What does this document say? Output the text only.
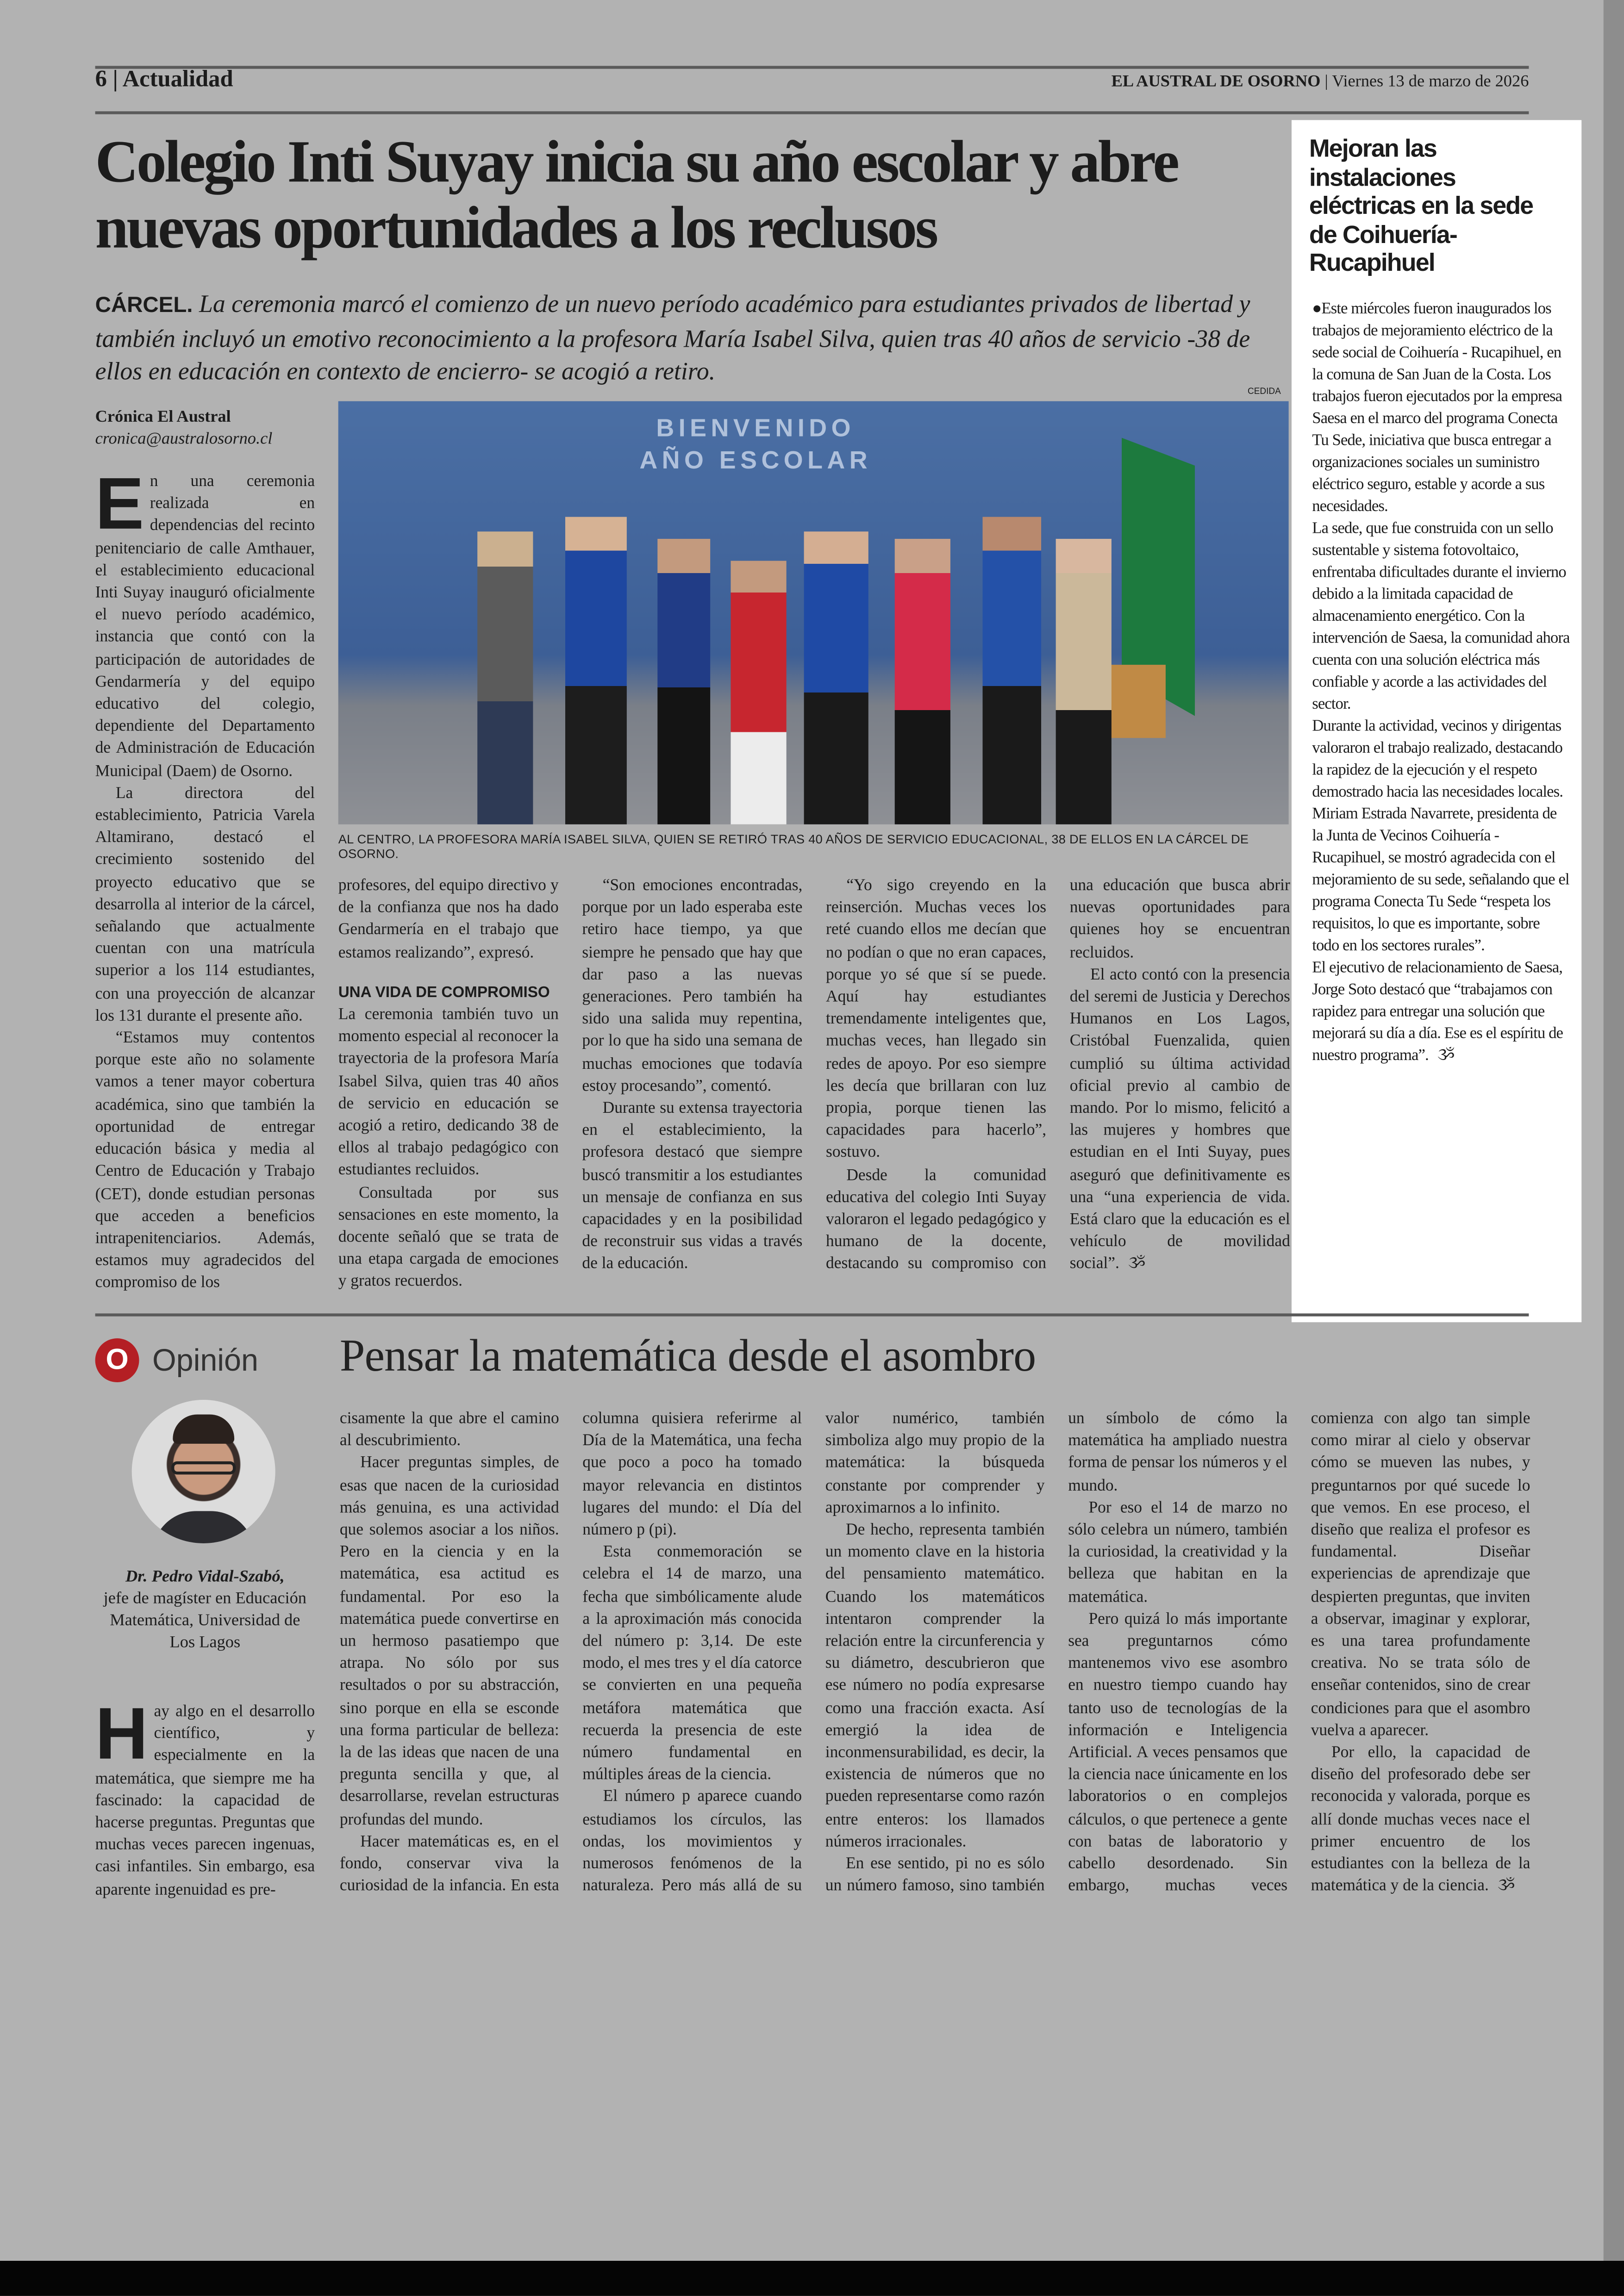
6 | Actualidad	EL AUSTRAL DE OSORNO | Viernes 13 de marzo de 2026
Colegio Inti Suyay inicia su año escolar y abre nuevas oportunidades a los reclusos
CÁRCEL. La ceremonia marcó el comienzo de un nuevo período académico para estudiantes privados de libertad y también incluyó un emotivo reconocimiento a la profesora María Isabel Silva, quien tras 40 años de servicio -38 de ellos en educación en contexto de encierro- se acogió a retiro.
Crónica El Austral
cronica@australosorno.cl
CEDIDA
BIENVENIDO AÑO ESCOLAR
AL CENTRO, LA PROFESORA MARÍA ISABEL SILVA, QUIEN SE RETIRÓ TRAS 40 AÑOS DE SERVICIO EDUCACIONAL, 38 DE ELLOS EN LA CÁRCEL DE OSORNO.

E n una ceremonia realizada en dependencias del recinto penitenciario de calle Amthauer, el establecimiento educacional Inti Suyay inauguró oficialmente el nuevo período académico, instancia que contó con la participación de autoridades de Gendarmería y del equipo educativo del colegio, dependiente del Departamento de Administración de Educación Municipal (Daem) de Osorno.

La directora del establecimiento, Patricia Varela Altamirano, destacó el crecimiento sostenido del proyecto educativo que se desarrolla al interior de la cárcel, señalando que actualmente cuentan con una matrícula superior a los 114 estudiantes, con una proyección de alcanzar los 131 durante el presente año.

“Estamos muy contentos porque este año no solamente vamos a tener mayor cobertura académica, sino que también la oportunidad de entregar educación básica y media al Centro de Educación y Trabajo (CET), donde estudian personas que acceden a beneficios intrapenitenciarios. Además, estamos muy agradecidos del compromiso de los

profesores, del equipo directivo y de la confianza que nos ha dado Gendarmería en el trabajo que estamos realizando”, expresó.

UNA VIDA DE COMPROMISO

La ceremonia también tuvo un momento especial al reconocer la trayectoria de la profesora María Isabel Silva, quien tras 40 años de servicio en educación se acogió a retiro, dedicando 38 de ellos al trabajo pedagógico con estudiantes recluidos.

Consultada por sus sensaciones en este momento, la docente señaló que se trata de una etapa cargada de emociones y gratos recuerdos.

“Son emociones encontradas, porque por un lado esperaba este retiro hace tiempo, ya que siempre he pensado que hay que dar paso a las nuevas generaciones. Pero también ha sido una salida muy repentina, por lo que ha sido una semana de muchas emociones que todavía estoy procesando”, comentó.

Durante su extensa trayectoria en el establecimiento, la profesora destacó que siempre buscó transmitir a los estudiantes un mensaje de confianza en sus capacidades y en la posibilidad de reconstruir sus vidas a través de la educación.

“Yo sigo creyendo en la reinserción. Muchas veces los reté cuando ellos me decían que no podían o que no eran capaces, porque yo sé que sí se puede. Aquí hay estudiantes tremendamente inteligentes que, muchas veces, han llegado sin redes de apoyo. Por eso siempre les decía que brillaran con luz propia, porque tienen las capacidades para hacerlo”, sostuvo.

Desde la comunidad educativa del colegio Inti Suyay valoraron el legado pedagógico y humano de la docente, destacando su compromiso con una educación que busca abrir nuevas oportunidades para quienes hoy se encuentran recluidos.

El acto contó con la presencia del seremi de Justicia y Derechos Humanos en Los Lagos, Cristóbal Fuenzalida, quien cumplió su última actividad oficial previo al cambio de mando. Por lo mismo, felicitó a las mujeres y hombres que estudian en el Inti Suyay, pues aseguró que definitivamente es una “una experiencia de vida. Está claro que la educación es el vehículo de movilidad social”. ૐ

Mejoran las instalaciones eléctricas en la sede de Coihuería-Rucapihuel

●Este miércoles fueron inaugurados los trabajos de mejoramiento eléctrico de la sede social de Coihuería - Rucapihuel, en la comuna de San Juan de la Costa. Los trabajos fueron ejecutados por la empresa Saesa en el marco del programa Conecta Tu Sede, iniciativa que busca entregar a organizaciones sociales un suministro eléctrico seguro, estable y acorde a sus necesidades.

La sede, que fue construida con un sello sustentable y sistema fotovoltaico, enfrentaba dificultades durante el invierno debido a la limitada capacidad de almacenamiento energético. Con la intervención de Saesa, la comunidad ahora cuenta con una solución eléctrica más confiable y acorde a las actividades del sector.

Durante la actividad, vecinos y dirigentas valoraron el trabajo realizado, destacando la rapidez de la ejecución y el respeto demostrado hacia las necesidades locales.

Miriam Estrada Navarrete, presidenta de la Junta de Vecinos Coihuería - Rucapihuel, se mostró agradecida con el mejoramiento de su sede, señalando que el programa Conecta Tu Sede “respeta los requisitos, lo que es importante, sobre todo en los sectores rurales”.

El ejecutivo de relacionamiento de Saesa, Jorge Soto destacó que “trabajamos con rapidez para entregar una solución que mejorará su día a día. Ese es el espíritu de nuestro programa”. ૐ

O	Opinión	Pensar la matemática desde el asombro
Dr. Pedro Vidal-Szabó,
jefe de magíster en Educación Matemática, Universidad de Los Lagos

H ay algo en el desarrollo científico, y especialmente en la matemática, que siempre me ha fascinado: la capacidad de hacerse preguntas. Preguntas que muchas veces parecen ingenuas, casi infantiles. Sin embargo, esa aparente ingenuidad es pre-

cisamente la que abre el camino al descubrimiento.

Hacer preguntas simples, de esas que nacen de la curiosidad más genuina, es una actividad que solemos asociar a los niños. Pero en la ciencia y en la matemática, esa actitud es fundamental. Por eso la matemática puede convertirse en un hermoso pasatiempo que atrapa. No sólo por sus resultados o por su abstracción, sino porque en ella se esconde una forma particular de belleza: la de las ideas que nacen de una pregunta sencilla y que, al desarrollarse, revelan estructuras profundas del mundo.

Hacer matemáticas es, en el fondo, conservar viva la curiosidad de la infancia. En esta columna quisiera referirme al Día de la Matemática, una fecha que poco a poco ha tomado mayor relevancia en distintos lugares del mundo: el Día del número p (pi).

Esta conmemoración se celebra el 14 de marzo, una fecha que simbólicamente alude a la aproximación más conocida del número p: 3,14. De este modo, el mes tres y el día catorce se convierten en una pequeña metáfora matemática que recuerda la presencia de este número fundamental en múltiples áreas de la ciencia.

El número p aparece cuando estudiamos los círculos, las ondas, los movimientos y numerosos fenómenos de la naturaleza. Pero más allá de su valor numérico, también simboliza algo muy propio de la matemática: la búsqueda constante por comprender y aproximarnos a lo infinito.

De hecho, representa también un momento clave en la historia del pensamiento matemático. Cuando los matemáticos intentaron comprender la relación entre la circunferencia y su diámetro, descubrieron que ese número no podía expresarse como una fracción exacta. Así emergió la idea de inconmensurabilidad, es decir, la existencia de números que no pueden representarse como razón entre enteros: los llamados números irracionales.

En ese sentido, pi no es sólo un número famoso, sino también un símbolo de cómo la matemática ha ampliado nuestra forma de pensar los números y el mundo.

Por eso el 14 de marzo no sólo celebra un número, también la curiosidad, la creatividad y la belleza que habitan en la matemática.

Pero quizá lo más importante sea preguntarnos cómo mantenemos vivo ese asombro en nuestro tiempo cuando hay tanto uso de tecnologías de la información e Inteligencia Artificial. A veces pensamos que la ciencia nace únicamente en los laboratorios o en complejos cálculos, o que pertenece a gente con batas de laboratorio y cabello desordenado. Sin embargo, muchas veces comienza con algo tan simple como mirar al cielo y observar cómo se mueven las nubes, y preguntarnos por qué sucede lo que vemos. En ese proceso, el diseño que realiza el profesor es fundamental. Diseñar experiencias de aprendizaje que despierten preguntas, que inviten a observar, imaginar y explorar, es una tarea profundamente creativa. No se trata sólo de enseñar contenidos, sino de crear condiciones para que el asombro vuelva a aparecer.

Por ello, la capacidad de diseño del profesorado debe ser reconocida y valorada, porque es allí donde muchas veces nace el primer encuentro de los estudiantes con la belleza de la matemática y de la ciencia. ૐ
